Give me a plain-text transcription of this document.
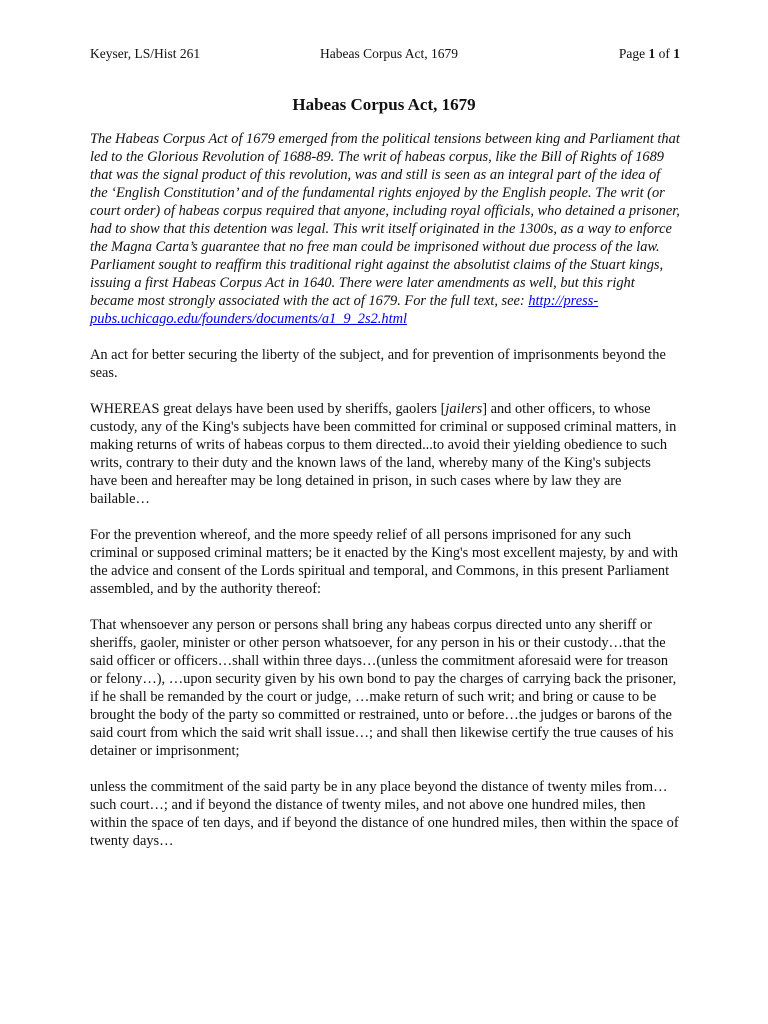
Keyser, LS/Hist 261	Habeas Corpus Act, 1679	Page 1 of 1
Habeas Corpus Act, 1679

The Habeas Corpus Act of 1679 emerged from the political tensions between king and Parliament that led to the Glorious Revolution of 1688-89. The writ of habeas corpus, like the Bill of Rights of 1689 that was the signal product of this revolution, was and still is seen as an integral part of the idea of the ‘English Constitution’ and of the fundamental rights enjoyed by the English people. The writ (or court order) of habeas corpus required that anyone, including royal officials, who detained a prisoner, had to show that this detention was legal. This writ itself originated in the 1300s, as a way to enforce the Magna Carta’s guarantee that no free man could be imprisoned without due process of the law. Parliament sought to reaffirm this traditional right against the absolutist claims of the Stuart kings, issuing a first Habeas Corpus Act in 1640. There were later amendments as well, but this right became most strongly associated with the act of 1679. For the full text, see: http://press-pubs.uchicago.edu/founders/documents/a1_9_2s2.html

An act for better securing the liberty of the subject, and for prevention of imprisonments beyond the seas.

WHEREAS great delays have been used by sheriffs, gaolers [jailers] and other officers, to whose custody, any of the King's subjects have been committed for criminal or supposed criminal matters, in making returns of writs of habeas corpus to them directed...to avoid their yielding obedience to such writs, contrary to their duty and the known laws of the land, whereby many of the King's subjects have been and hereafter may be long detained in prison, in such cases where by law they are bailable…

For the prevention whereof, and the more speedy relief of all persons imprisoned for any such criminal or supposed criminal matters; be it enacted by the King's most excellent majesty, by and with the advice and consent of the Lords spiritual and temporal, and Commons, in this present Parliament assembled, and by the authority thereof:

That whensoever any person or persons shall bring any habeas corpus directed unto any sheriff or sheriffs, gaoler, minister or other person whatsoever, for any person in his or their custody…that the said officer or officers…shall within three days…(unless the commitment aforesaid were for treason or felony…), …upon security given by his own bond to pay the charges of carrying back the prisoner, if he shall be remanded by the court or judge, …make return of such writ; and bring or cause to be brought the body of the party so committed or restrained, unto or before…the judges or barons of the said court from which the said writ shall issue…; and shall then likewise certify the true causes of his detainer or imprisonment;

unless the commitment of the said party be in any place beyond the distance of twenty miles from…such court…; and if beyond the distance of twenty miles, and not above one hundred miles, then within the space of ten days, and if beyond the distance of one hundred miles, then within the space of twenty days…
